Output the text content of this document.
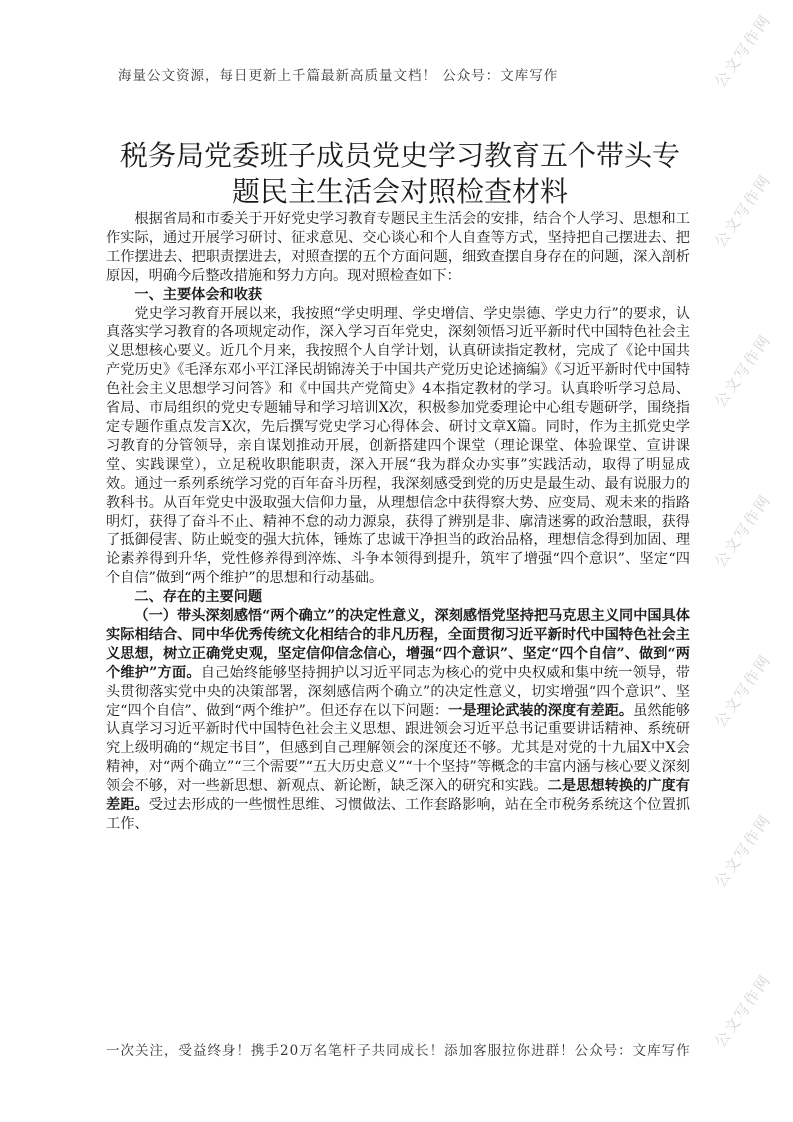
公文写作网
公文写作网
公文写作网
公文写作网
公文写作网
公文写作网
公文写作网
海量公文资源，每日更新上千篇最新高质量文档！ 公众号：文库写作
税务局党委班子成员党史学习教育五个带头专
题民主生活会对照检查材料

根据省局和市委关于开好党史学习教育专题民主生活会的安排，结合个人学习、思想和工作实际，通过开展学习研讨、征求意见、交心谈心和个人自查等方式，坚持把自己摆进去、把工作摆进去、把职责摆进去，对照查摆的五个方面问题，细致查摆自身存在的问题，深入剖析原因，明确今后整改措施和努力方向。现对照检查如下：

一、主要体会和收获

党史学习教育开展以来，我按照“学史明理、学史增信、学史崇德、学史力行”的要求，认真落实学习教育的各项规定动作，深入学习百年党史，深刻领悟习近平新时代中国特色社会主义思想核心要义。近几个月来，我按照个人自学计划，认真研读指定教材，完成了《论中国共产党历史》《毛泽东邓小平江泽民胡锦涛关于中国共产党历史论述摘编》《习近平新时代中国特色社会主义思想学习问答》和《中国共产党简史》4本指定教材的学习。认真聆听学习总局、省局、市局组织的党史专题辅导和学习培训X次，积极参加党委理论中心组专题研学，围绕指定专题作重点发言X次，先后撰写党史学习心得体会、研讨文章X篇。同时，作为主抓党史学习教育的分管领导，亲自谋划推动开展，创新搭建四个课堂（理论课堂、体验课堂、宣讲课堂、实践课堂），立足税收职能职责，深入开展“我为群众办实事”实践活动，取得了明显成效。通过一系列系统学习党的百年奋斗历程，我深刻感受到党的历史是最生动、最有说服力的教科书。从百年党史中汲取强大信仰力量，从理想信念中获得察大势、应变局、观未来的指路明灯，获得了奋斗不止、精神不怠的动力源泉，获得了辨别是非、廓清迷雾的政治慧眼，获得了抵御侵害、防止蜕变的强大抗体，锤炼了忠诚干净担当的政治品格，理想信念得到加固、理论素养得到升华，党性修养得到淬炼、斗争本领得到提升，筑牢了增强“四个意识”、坚定“四个自信”做到“两个维护”的思想和行动基础。

二、存在的主要问题

（一）带头深刻感悟“两个确立”的决定性意义，深刻感悟党坚持把马克思主义同中国具体实际相结合、同中华优秀传统文化相结合的非凡历程，全面贯彻习近平新时代中国特色社会主义思想，树立正确党史观，坚定信仰信念信心，增强“四个意识”、坚定“四个自信”、做到“两个维护”方面。自己始终能够坚持拥护以习近平同志为核心的党中央权威和集中统一领导，带头贯彻落实党中央的决策部署，深刻感信两个确立”的决定性意义，切实增强“四个意识”、坚定“四个自信”、做到“两个维护”。但还存在以下问题：一是理论武装的深度有差距。虽然能够认真学习习近平新时代中国特色社会主义思想、跟进领会习近平总书记重要讲话精神、系统研究上级明确的“规定书目”，但感到自己理解领会的深度还不够。尤其是对党的十九届X中X会精神，对“两个确立”“三个需要”“五大历史意义”“十个坚持”等概念的丰富内涵与核心要义深刻领会不够，对一些新思想、新观点、新论断，缺乏深入的研究和实践。二是思想转换的广度有差距。受过去形成的一些惯性思维、习惯做法、工作套路影响，站在全市税务系统这个位置抓工作、

一次关注，受益终身！携手20万名笔杆子共同成长！添加客服拉你进群！公众号：文库写作
